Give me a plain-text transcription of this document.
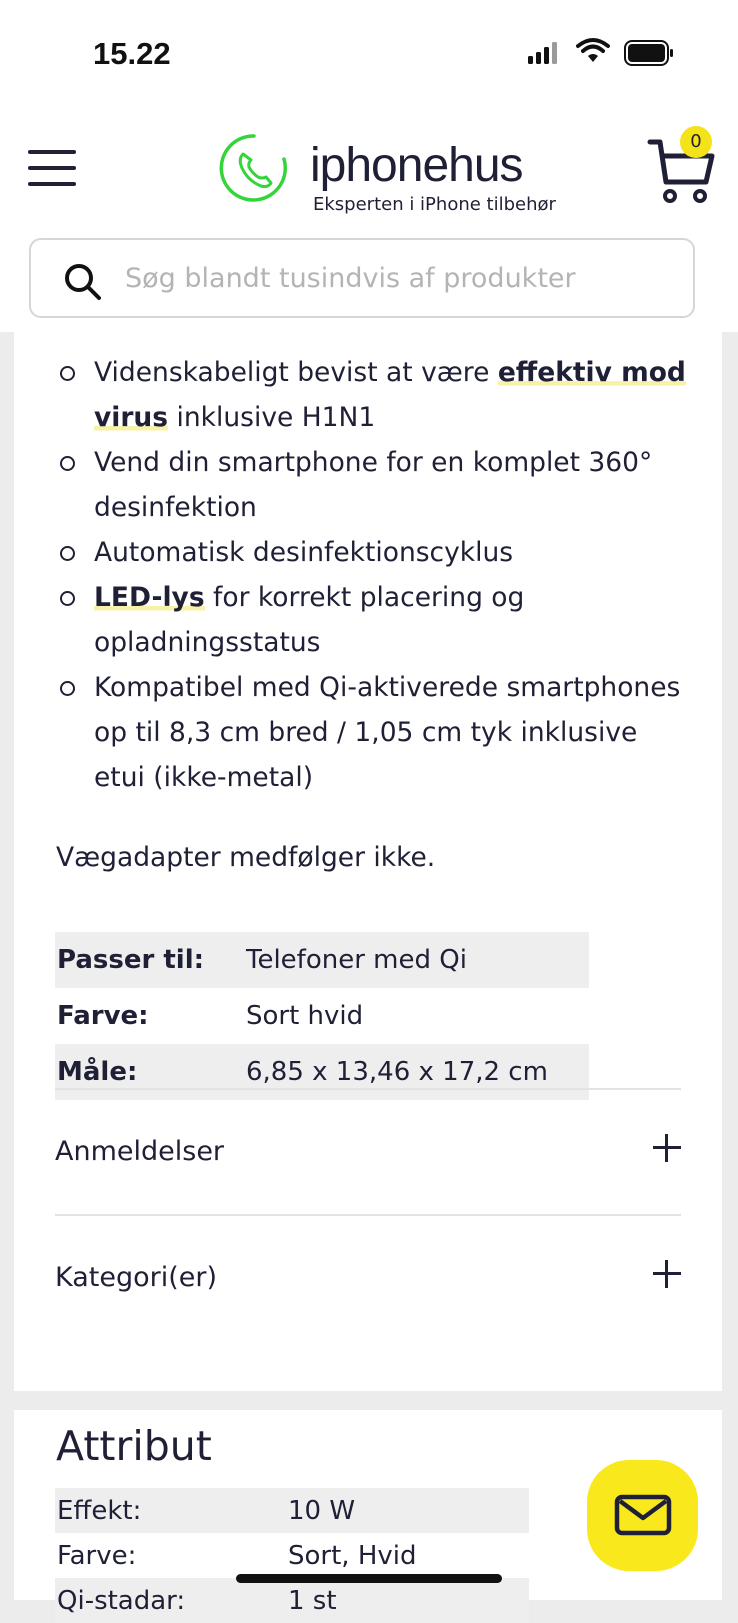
15.22
iphonehus
Eksperten i iPhone tilbehør
0
Søg blandt tusindvis af produkter
Videnskabeligt bevist at være effektiv mod virus inklusive H1N1
Vend din smartphone for en komplet 360° desinfektion
Automatisk desinfektionscyklus
LED-lys for korrekt placering og opladningsstatus
Kompatibel med Qi-aktiverede smartphones op til 8,3 cm bred / 1,05 cm tyk inklusive etui (ikke-metal)
Vægadapter medfølger ikke.
Passer til:	Telefoner med Qi
Farve:	Sort hvid
Måle:	6,85 x 13,46 x 17,2 cm
Anmeldelser
Kategori(er)
Attribut
Effekt:	10 W
Farve:	Sort, Hvid
Qi-stadar:	1 st
